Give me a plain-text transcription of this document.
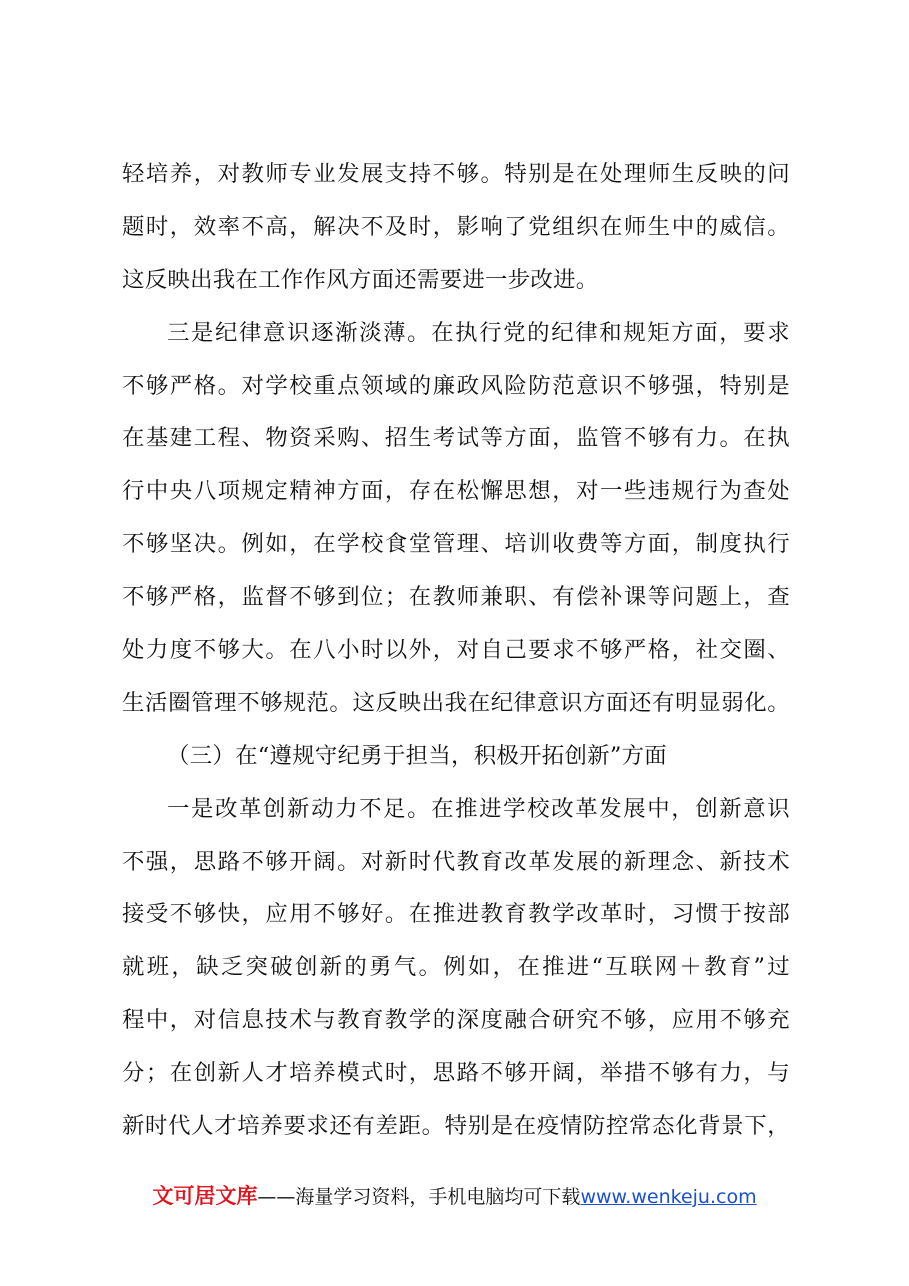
轻培养，对教师专业发展支持不够。特别是在处理师生反映的问
题时，效率不高，解决不及时，影响了党组织在师生中的威信。
这反映出我在工作作风方面还需要进一步改进。
三是纪律意识逐渐淡薄。在执行党的纪律和规矩方面，要求
不够严格。对学校重点领域的廉政风险防范意识不够强，特别是
在基建工程、物资采购、招生考试等方面，监管不够有力。在执
行中央八项规定精神方面，存在松懈思想，对一些违规行为查处
不够坚决。例如，在学校食堂管理、培训收费等方面，制度执行
不够严格，监督不够到位；在教师兼职、有偿补课等问题上，查
处力度不够大。在八小时以外，对自己要求不够严格，社交圈、
生活圈管理不够规范。这反映出我在纪律意识方面还有明显弱化。
（三）在“遵规守纪勇于担当，积极开拓创新”方面
一是改革创新动力不足。在推进学校改革发展中，创新意识
不强，思路不够开阔。对新时代教育改革发展的新理念、新技术
接受不够快，应用不够好。在推进教育教学改革时，习惯于按部
就班，缺乏突破创新的勇气。例如，在推进“互联网＋教育”过
程中，对信息技术与教育教学的深度融合研究不够，应用不够充
分；在创新人才培养模式时，思路不够开阔，举措不够有力，与
新时代人才培养要求还有差距。特别是在疫情防控常态化背景下，
文可居文库——海量学习资料，手机电脑均可下载www.wenkeju.com
